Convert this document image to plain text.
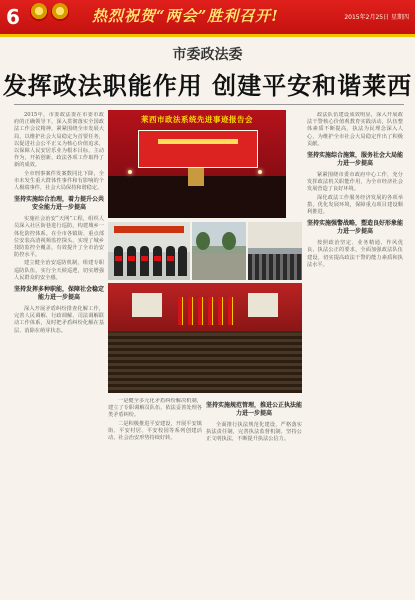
6	热烈祝贺“两会”胜利召开!	2015年2月25日 星期四
市委政法委
发挥政法职能作用 创建平安和谐莱西

2015年，市委政法委在市委市政府的正确领导下，深入贯彻落实全国政法工作会议精神，紧紧围绕全市发展大局，以维护社会大局稳定为首要任务，以促进社会公平正义为核心价值追求，以保障人民安居乐业为根本目标，主动作为，开拓创新，政法各项工作取得了新的成效。

全市刑事案件发案数同比下降，全市未发生重大群体性事件和有影响的个人极端事件，社会大局保持和谐稳定。

坚持实施综合治理，着力提升公共安全能力进一步提高

实施社会治安“天网”工程，组织人员深入社区街巷进行巡防，构建城乡一体化防控体系。在全市各镇街、重点部位安装高清视频监控探头，实现了城乡技防监控全覆盖，有效提升了全市治安防控水平。

建立健全治安巡防机制，组建专职巡防队伍，实行全天候巡逻，切实增强人民群众的安全感。

坚持发挥多种职能，保障社会稳定能力进一步提高

深入开展矛盾纠纷排查化解工作，完善人民调解、行政调解、司法调解联动工作体系，及时把矛盾纠纷化解在基层、消除在萌芽状态。

莱西市政法系统先进事迹报告会

一是健全多元化矛盾纠纷解决机制，建立了专职调解员队伍，依法妥善处理各类矛盾纠纷。

二是积极推进平安建设，开展平安镇街、平安村居、平安校园等系列创建活动，社会治安形势持续好转。

坚持实施规范管理，推进公正执法能力进一步提高

全面推行执法规范化建设，严格落实执法责任制，完善执法监督机制，坚持公正文明执法，不断提升执法公信力。

政法队伍建设成效明显，深入开展政法干警核心价值观教育实践活动，队伍整体素质不断提高，执法为民理念深入人心，为维护全市社会大局稳定作出了积极贡献。

坚持实施综合施策，服务社会大局能力进一步提高

紧紧围绕市委市政府中心工作，充分发挥政法机关职能作用，为全市经济社会发展营造了良好环境。

深化政法工作服务经济发展的各项举措，优化发展环境，保障重点项目建设顺利推进。

坚持实施强警战略，塑造良好形象能力进一步提高

按照政治坚定、业务精通、作风优良、执法公正的要求，全面加强政法队伍建设，切实提高政法干警的能力素质和执法水平。
